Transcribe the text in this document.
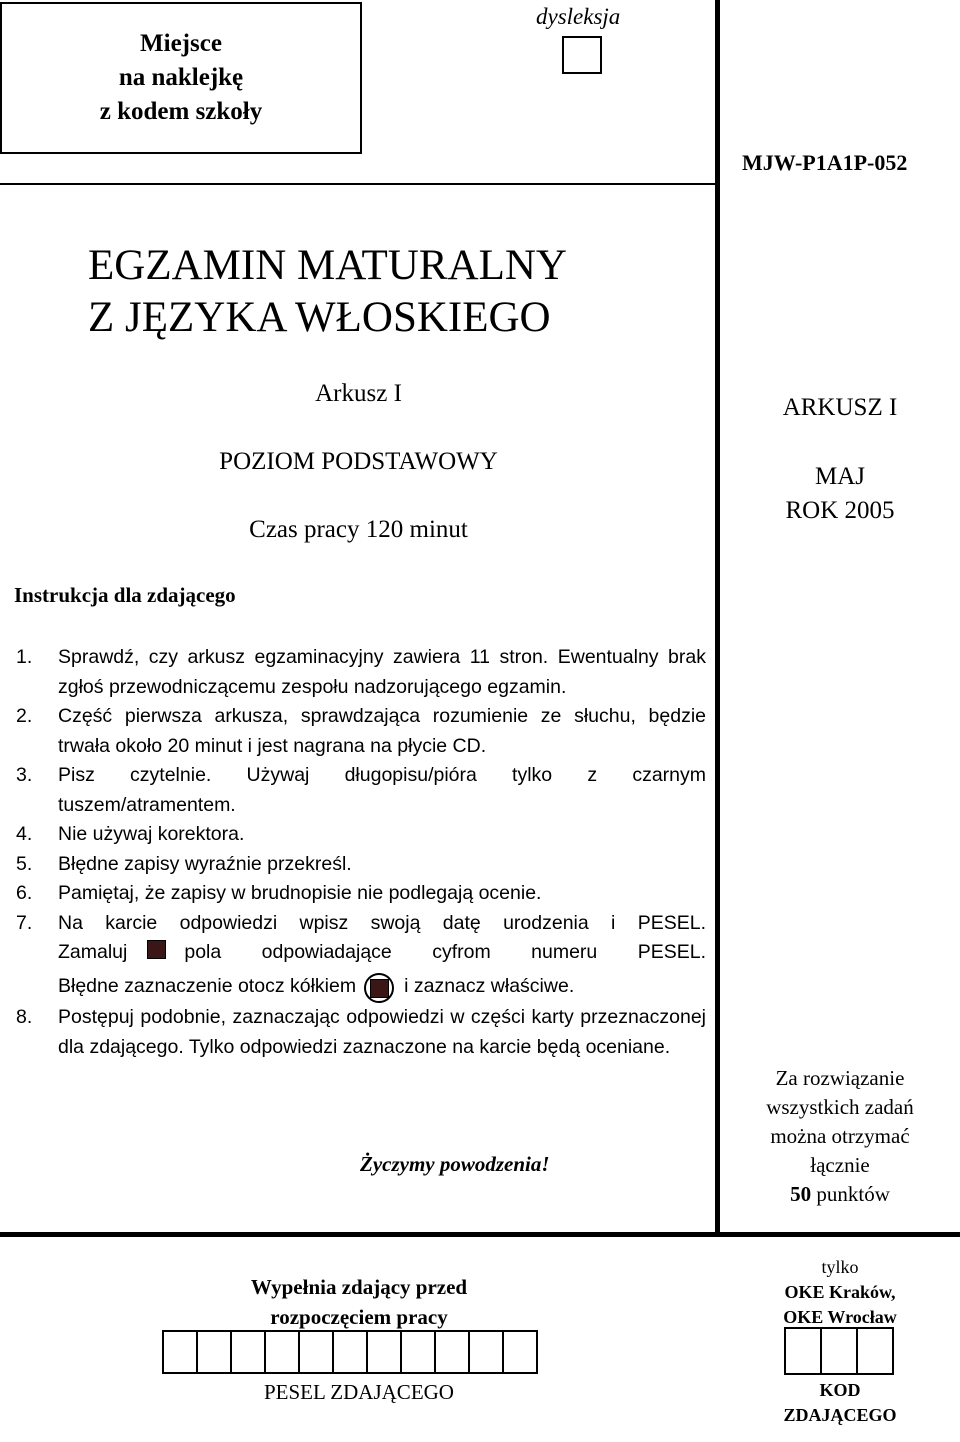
Miejsce
na naklejkę
z kodem szkoły
dysleksja
MJW-P1A1P-052
EGZAMIN MATURALNY
Z JĘZYKA WŁOSKIEGO
Arkusz I
POZIOM PODSTAWOWY
Czas pracy 120 minut
ARKUSZ I
MAJ
ROK 2005
Instrukcja dla zdającego
1.	Sprawdź, czy arkusz egzaminacyjny zawiera 11 stron. Ewentualny brak zgłoś przewodniczącemu zespołu nadzorującego egzamin.
2.	Część pierwsza arkusza, sprawdzająca rozumienie ze słuchu, będzie trwała około 20 minut i jest nagrana na płycie CD.
3.	Pisz czytelnie. Używaj długopisu/pióra tylko z czarnym tuszem/atramentem.
4.	Nie używaj korektora.
5.	Błędne zapisy wyraźnie przekreśl.
6.	Pamiętaj, że zapisy w brudnopisie nie podlegają ocenie.
7.	Na karcie odpowiedzi wpisz swoją datę urodzenia i PESEL.
Zamaluj	pola odpowiadające cyfrom numeru PESEL.
Błędne zaznaczenie otocz kółkiem i zaznacz właściwe.
8.	Postępuj podobnie, zaznaczając odpowiedzi w części karty przeznaczonej dla zdającego. Tylko odpowiedzi zaznaczone na karcie będą oceniane.
Życzymy powodzenia!
Za rozwiązanie
wszystkich zadań
można otrzymać
łącznie
50 punktów
Wypełnia zdający przed rozpoczęciem pracy
PESEL ZDAJĄCEGO
tylko
OKE Kraków,
OKE Wrocław
KOD
ZDAJĄCEGO
